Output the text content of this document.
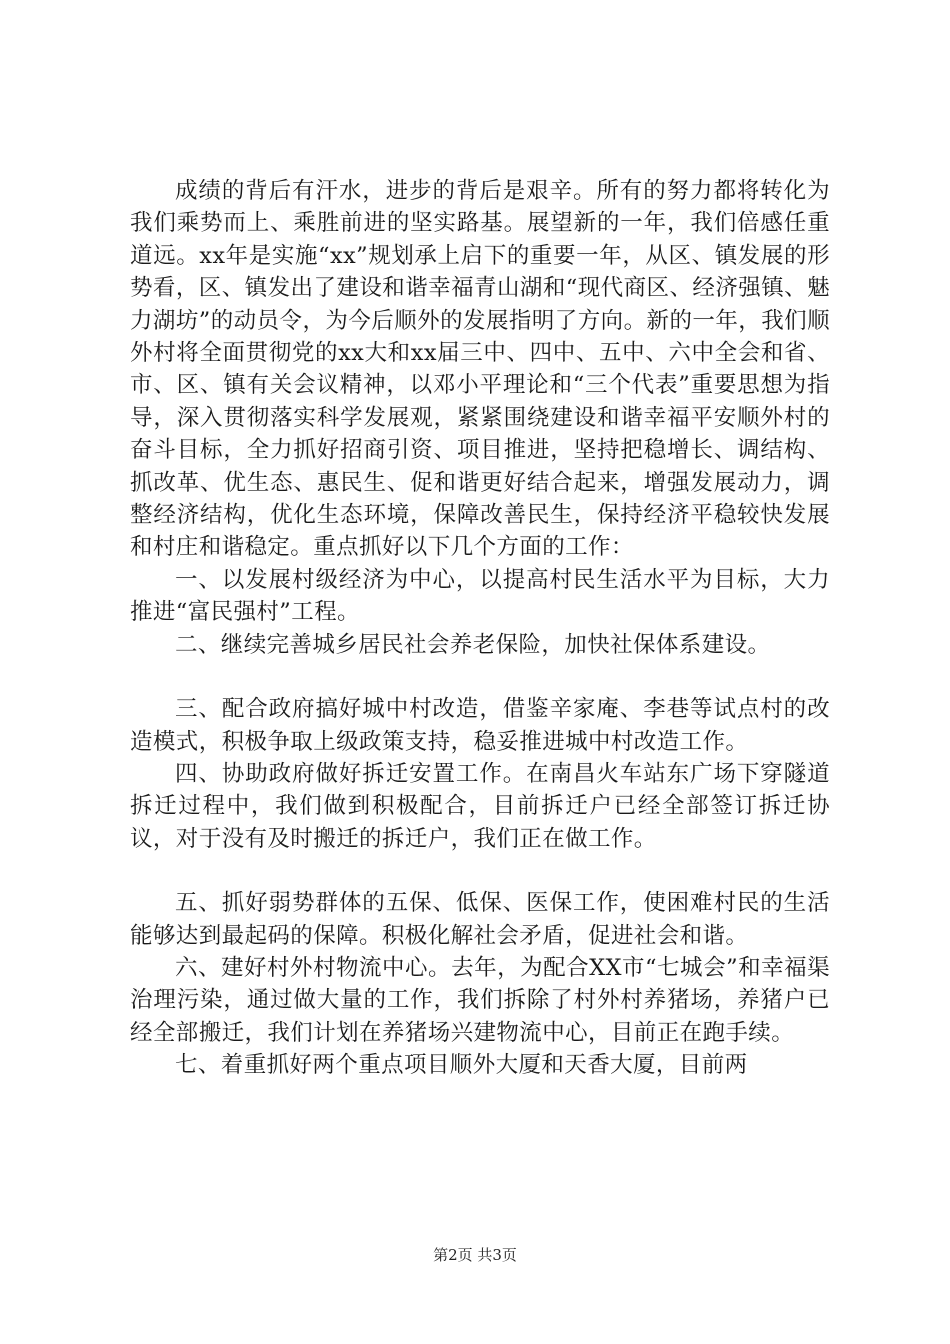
成绩的背后有汗水，进步的背后是艰辛。所有的努力都将转化为我们乘势而上、乘胜前进的坚实路基。展望新的一年，我们倍感任重道远。xx年是实施“xx”规划承上启下的重要一年，从区、镇发展的形势看，区、镇发出了建设和谐幸福青山湖和“现代商区、经济强镇、魅力湖坊”的动员令，为今后顺外的发展指明了方向。新的一年，我们顺外村将全面贯彻党的xx大和xx届三中、四中、五中、六中全会和省、市、区、镇有关会议精神，以邓小平理论和“三个代表”重要思想为指导，深入贯彻落实科学发展观，紧紧围绕建设和谐幸福平安顺外村的奋斗目标，全力抓好招商引资、项目推进，坚持把稳增长、调结构、抓改革、优生态、惠民生、促和谐更好结合起来，增强发展动力，调整经济结构，优化生态环境，保障改善民生，保持经济平稳较快发展和村庄和谐稳定。重点抓好以下几个方面的工作：

一、以发展村级经济为中心，以提高村民生活水平为目标，大力推进“富民强村”工程。

二、继续完善城乡居民社会养老保险，加快社保体系建设。

三、配合政府搞好城中村改造，借鉴辛家庵、李巷等试点村的改造模式，积极争取上级政策支持，稳妥推进城中村改造工作。

四、协助政府做好拆迁安置工作。在南昌火车站东广场下穿隧道拆迁过程中，我们做到积极配合，目前拆迁户已经全部签订拆迁协议，对于没有及时搬迁的拆迁户，我们正在做工作。

五、抓好弱势群体的五保、低保、医保工作，使困难村民的生活能够达到最起码的保障。积极化解社会矛盾，促进社会和谐。

六、建好村外村物流中心。去年，为配合XX市“七城会”和幸福渠治理污染，通过做大量的工作，我们拆除了村外村养猪场，养猪户已经全部搬迁，我们计划在养猪场兴建物流中心，目前正在跑手续。

七、着重抓好两个重点项目顺外大厦和天香大厦，目前两

第2页 共3页
